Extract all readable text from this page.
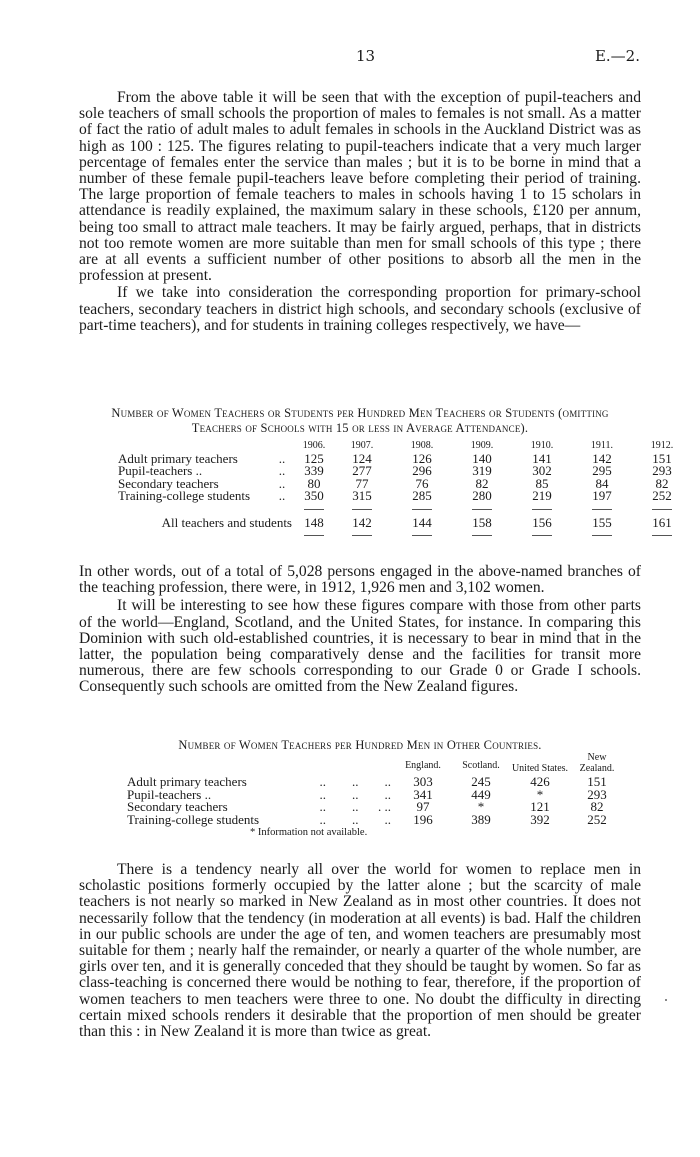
13	E.—2.

From the above table it will be seen that with the exception of pupil-teachers and sole teachers of small schools the proportion of males to females is not small. As a matter of fact the ratio of adult males to adult females in schools in the Auckland District was as high as 100 : 125. The figures relating to pupil-teachers indicate that a very much larger percentage of females enter the service than males ; but it is to be borne in mind that a number of these female pupil-teachers leave before completing their period of training. The large proportion of female teachers to males in schools having 1 to 15 scholars in attendance is readily explained, the maximum salary in these schools, £120 per annum, being too small to attract male teachers. It may be fairly argued, perhaps, that in districts not too remote women are more suitable than men for small schools of this type ; there are at all events a sufficient number of other positions to absorb all the men in the profession at present.

If we take into consideration the corresponding proportion for primary-school teachers, secondary teachers in district high schools, and secondary schools (exclusive of part-time teachers), and for students in training colleges respectively, we have—

Number of Women Teachers or Students per Hundred Men Teachers or Students (omitting
Teachers of Schools with 15 or less in Average Attendance).
		1906.	1907.	1908.	1909.	1910.	1911.	1912.
Adult primary teachers	..	125	124	126	140	141	142	151
Pupil-teachers ..	..	339	277	296	319	302	295	293
Secondary teachers	..	80	77	76	82	85	84	82
Training-college students	..	350	315	285	280	219	197	252

All teachers and students		148	142	144	158	156	155	161

In other words, out of a total of 5,028 persons engaged in the above-named branches of the teaching profession, there were, in 1912, 1,926 men and 3,102 women.

It will be interesting to see how these figures compare with those from other parts of the world—England, Scotland, and the United States, for instance. In comparing this Dominion with such old-established countries, it is necessary to bear in mind that in the latter, the population being comparatively dense and the facilities for transit more numerous, there are few schools corresponding to our Grade 0 or Grade I schools. Consequently such schools are omitted from the New Zealand figures.

Number of Women Teachers per Hundred Men in Other Countries.
		England.	Scotland.	United States.	New Zealand.
Adult primary teachers	..        ..        ..	303	245	426	151
Pupil-teachers ..	..        ..        ..	341	449	*	293
Secondary teachers	..        ..      . ..	97	*	121	82
Training-college students	..        ..        ..	196	389	392	252
* Information not available.

There is a tendency nearly all over the world for women to replace men in scholastic positions formerly occupied by the latter alone ; but the scarcity of male teachers is not nearly so marked in New Zealand as in most other countries. It does not necessarily follow that the tendency (in moderation at all events) is bad. Half the children in our public schools are under the age of ten, and women teachers are presumably most suitable for them ; nearly half the remainder, or nearly a quarter of the whole number, are girls over ten, and it is generally conceded that they should be taught by women. So far as class-teaching is concerned there would be nothing to fear, therefore, if the proportion of women teachers to men teachers were three to one. No doubt the difficulty in directing certain mixed schools renders it desirable that the proportion of men should be greater than this : in New Zealand it is more than twice as great.
